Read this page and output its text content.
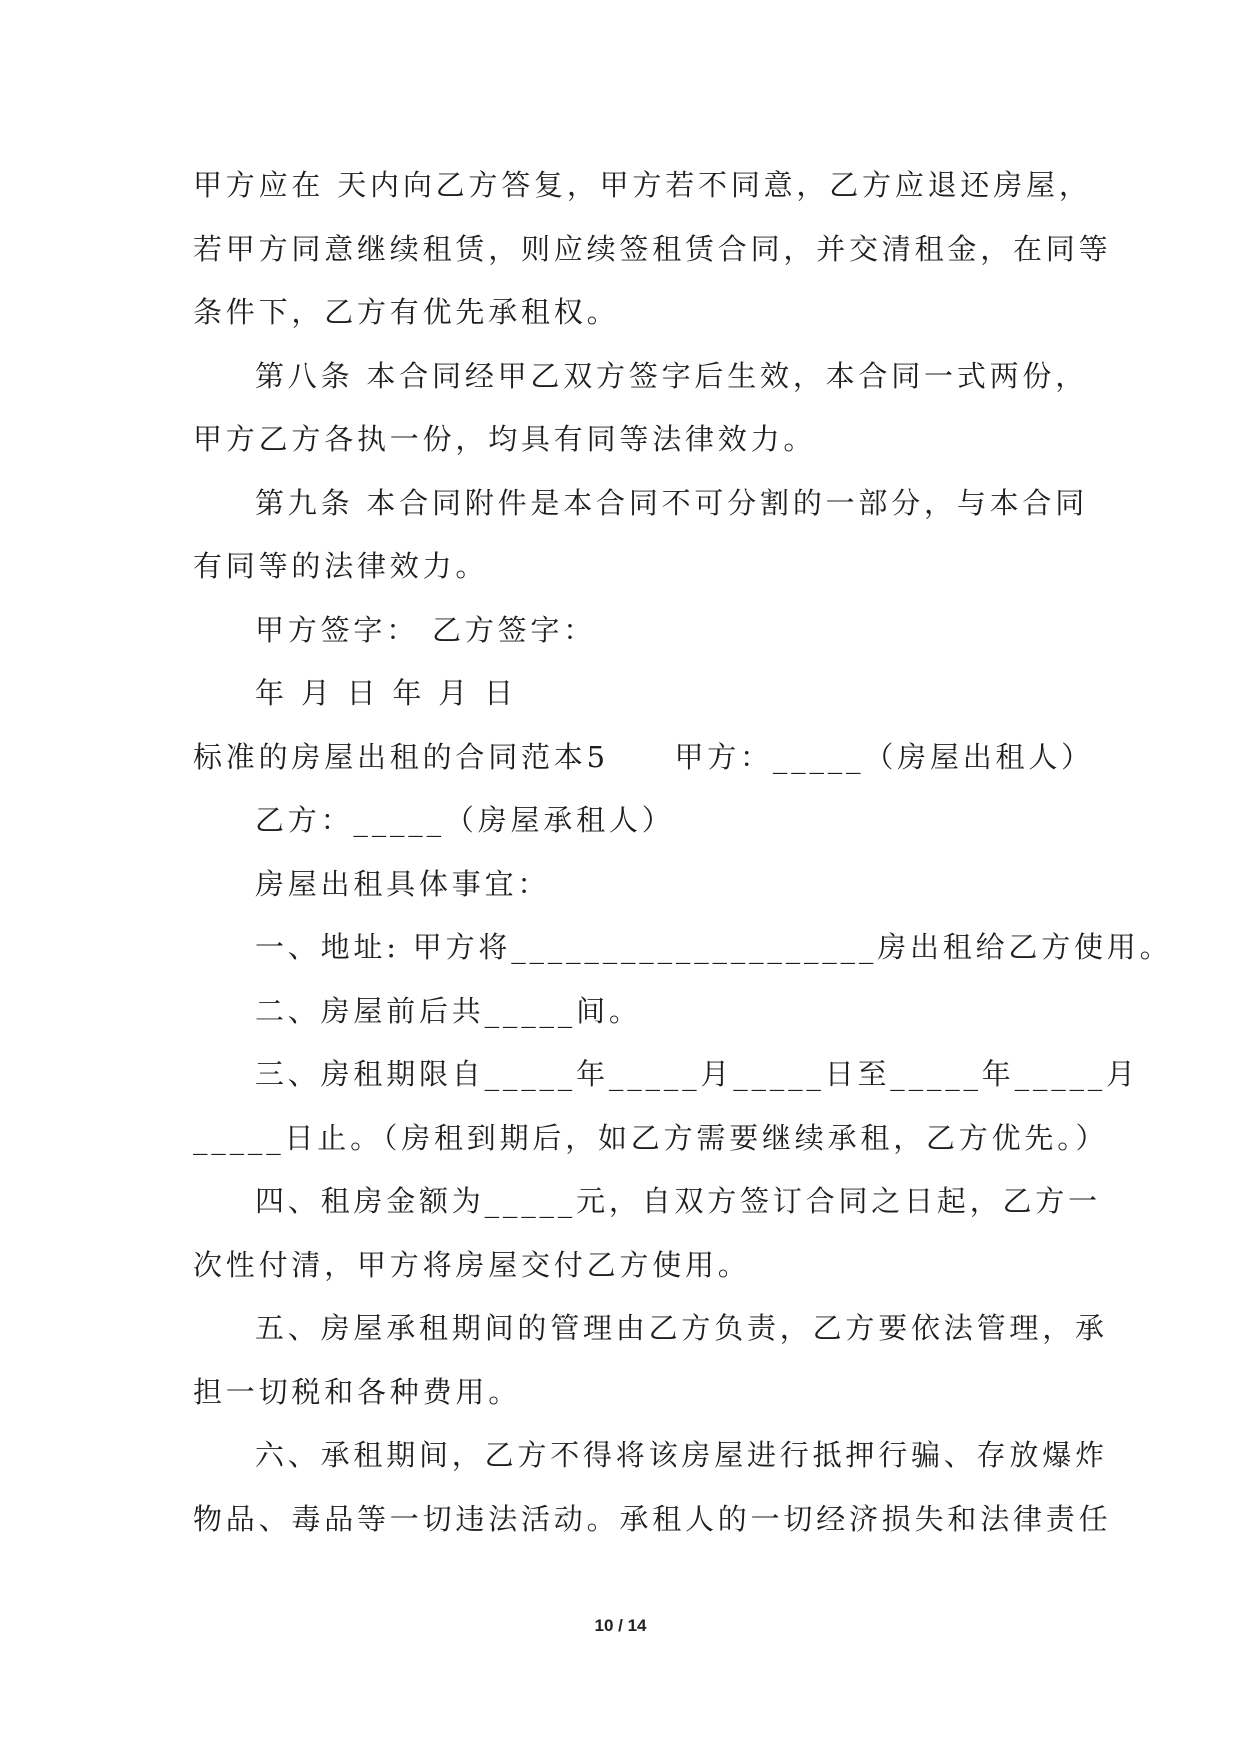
甲方应在 天内向乙方答复，甲方若不同意，乙方应退还房屋，
若甲方同意继续租赁，则应续签租赁合同，并交清租金，在同等
条件下，乙方有优先承租权。
第八条 本合同经甲乙双方签字后生效，本合同一式两份，
甲方乙方各执一份，均具有同等法律效力。
第九条 本合同附件是本合同不可分割的一部分，与本合同
有同等的法律效力。
甲方签字： 乙方签字：
年 月 日 年 月 日
标准的房屋出租的合同范本5　　甲方：_____（房屋出租人）
乙方：_____（房屋承租人）
房屋出租具体事宜：
一、地址: 甲方将____________________房出租给乙方使用。
二、房屋前后共_____间。
三、房租期限自_____年_____月_____日至_____年_____月
_____日止。（房租到期后，如乙方需要继续承租，乙方优先。）
四、租房金额为_____元，自双方签订合同之日起，乙方一
次性付清，甲方将房屋交付乙方使用。
五、房屋承租期间的管理由乙方负责，乙方要依法管理，承
担一切税和各种费用。
六、承租期间，乙方不得将该房屋进行抵押行骗、存放爆炸
物品、毒品等一切违法活动。承租人的一切经济损失和法律责任
10 / 14
